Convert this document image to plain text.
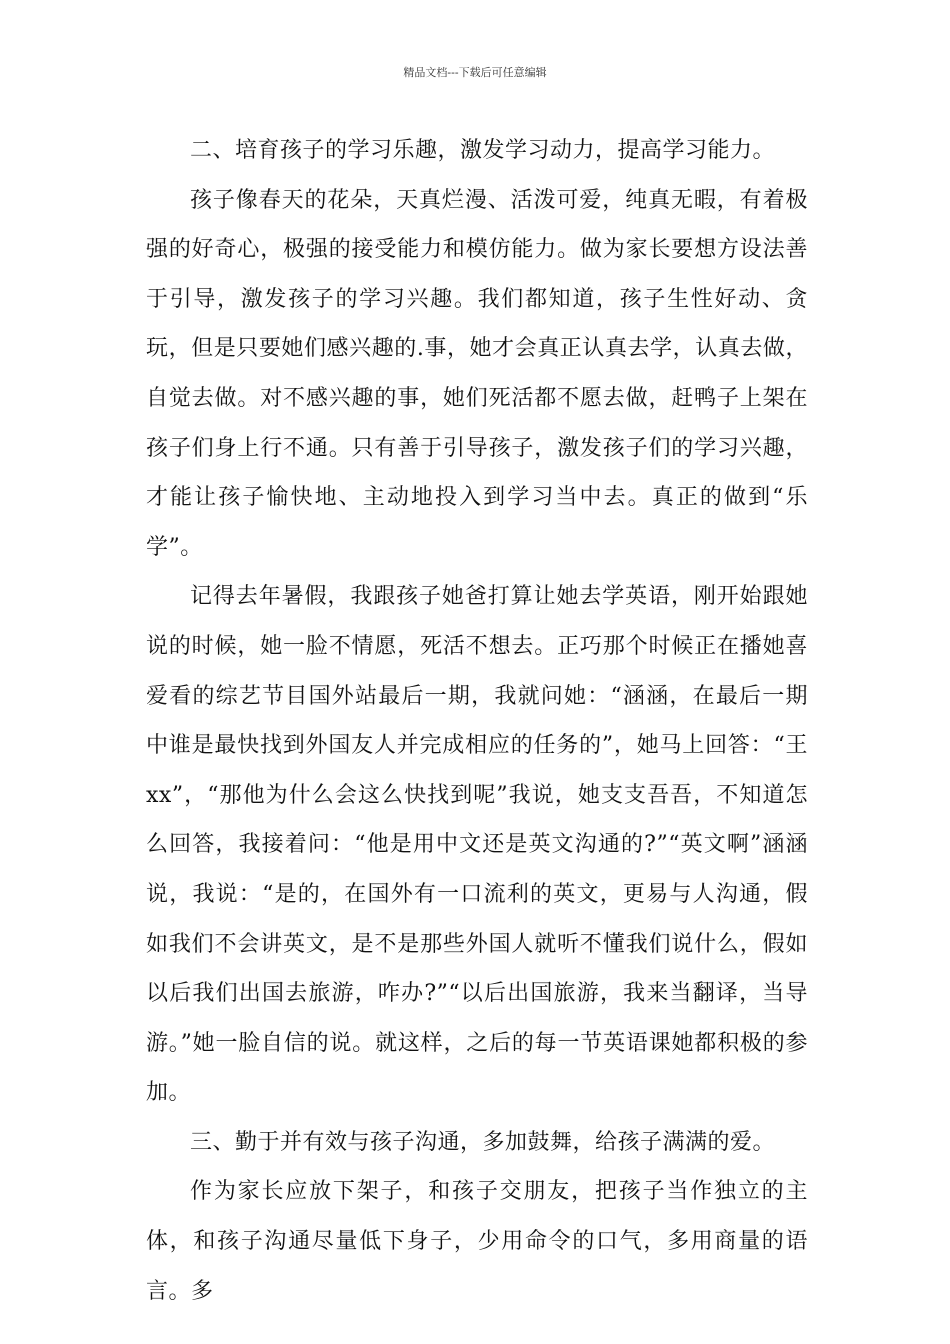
精品文档---下载后可任意编辑

二、培育孩子的学习乐趣，激发学习动力，提高学习能力。

孩子像春天的花朵，天真烂漫、活泼可爱，纯真无暇，有着极强的好奇心，极强的接受能力和模仿能力。做为家长要想方设法善于引导，激发孩子的学习兴趣。我们都知道，孩子生性好动、贪玩，但是只要她们感兴趣的.事，她才会真正认真去学，认真去做，自觉去做。对不感兴趣的事，她们死活都不愿去做，赶鸭子上架在孩子们身上行不通。只有善于引导孩子，激发孩子们的学习兴趣，才能让孩子愉快地、主动地投入到学习当中去。真正的做到“乐学”。

记得去年暑假，我跟孩子她爸打算让她去学英语，刚开始跟她说的时候，她一脸不情愿，死活不想去。正巧那个时候正在播她喜爱看的综艺节目国外站最后一期，我就问她：“涵涵，在最后一期中谁是最快找到外国友人并完成相应的任务的”，她马上回答：“王xx”，“那他为什么会这么快找到呢”我说，她支支吾吾，不知道怎么回答，我接着问：“他是用中文还是英文沟通的?”“英文啊”涵涵说，我说：“是的，在国外有一口流利的英文，更易与人沟通，假如我们不会讲英文，是不是那些外国人就听不懂我们说什么，假如以后我们出国去旅游，咋办?”“以后出国旅游，我来当翻译，当导游。”她一脸自信的说。就这样，之后的每一节英语课她都积极的参加。

三、勤于并有效与孩子沟通，多加鼓舞，给孩子满满的爱。

作为家长应放下架子，和孩子交朋友，把孩子当作独立的主体，和孩子沟通尽量低下身子，少用命令的口气，多用商量的语言。多
